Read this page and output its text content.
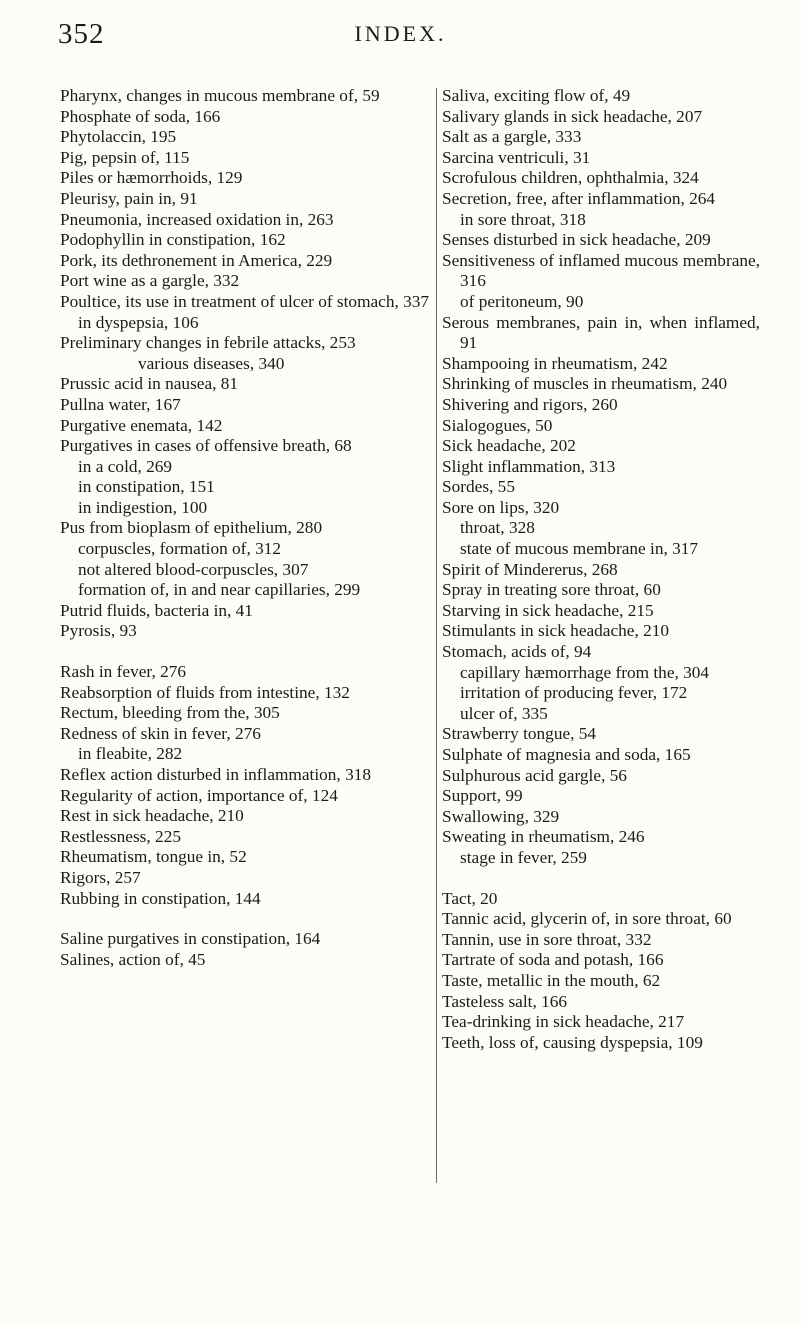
352	INDEX.
Pharynx, changes in mucous membrane of, 59
Phosphate of soda, 166
Phytolaccin, 195
Pig, pepsin of, 115
Piles or hæmorrhoids, 129
Pleurisy, pain in, 91
Pneumonia, increased oxidation in, 263
Podophyllin in constipation, 162
Pork, its dethronement in America, 229
Port wine as a gargle, 332
Poultice, its use in treatment of ulcer of stomach, 337
in dyspepsia, 106
Preliminary changes in febrile attacks, 253
various diseases, 340
Prussic acid in nausea, 81
Pullna water, 167
Purgative enemata, 142
Purgatives in cases of offensive breath, 68
in a cold, 269
in constipation, 151
in indigestion, 100
Pus from bioplasm of epithelium, 280
corpuscles, formation of, 312
not altered blood-corpuscles, 307
formation of, in and near capillaries, 299
Putrid fluids, bacteria in, 41
Pyrosis, 93
Rash in fever, 276
Reabsorption of fluids from intestine, 132
Rectum, bleeding from the, 305
Redness of skin in fever, 276
in fleabite, 282
Reflex action disturbed in inflammation, 318
Regularity of action, importance of, 124
Rest in sick headache, 210
Restlessness, 225
Rheumatism, tongue in, 52
Rigors, 257
Rubbing in constipation, 144
Saline purgatives in constipation, 164
Salines, action of, 45
Saliva, exciting flow of, 49
Salivary glands in sick headache, 207
Salt as a gargle, 333
Sarcina ventriculi, 31
Scrofulous children, ophthalmia, 324
Secretion, free, after inflammation, 264
in sore throat, 318
Senses disturbed in sick headache, 209
Sensitiveness of inflamed mucous membrane, 316
of peritoneum, 90
Serous membranes, pain in, when inflamed, 91
Shampooing in rheumatism, 242
Shrinking of muscles in rheumatism, 240
Shivering and rigors, 260
Sialogogues, 50
Sick headache, 202
Slight inflammation, 313
Sordes, 55
Sore on lips, 320
throat, 328
state of mucous membrane in, 317
Spirit of Mindererus, 268
Spray in treating sore throat, 60
Starving in sick headache, 215
Stimulants in sick headache, 210
Stomach, acids of, 94
capillary hæmorrhage from the, 304
irritation of producing fever, 172
ulcer of, 335
Strawberry tongue, 54
Sulphate of magnesia and soda, 165
Sulphurous acid gargle, 56
Support, 99
Swallowing, 329
Sweating in rheumatism, 246
stage in fever, 259
Tact, 20
Tannic acid, glycerin of, in sore throat, 60
Tannin, use in sore throat, 332
Tartrate of soda and potash, 166
Taste, metallic in the mouth, 62
Tasteless salt, 166
Tea-drinking in sick headache, 217
Teeth, loss of, causing dyspepsia, 109
